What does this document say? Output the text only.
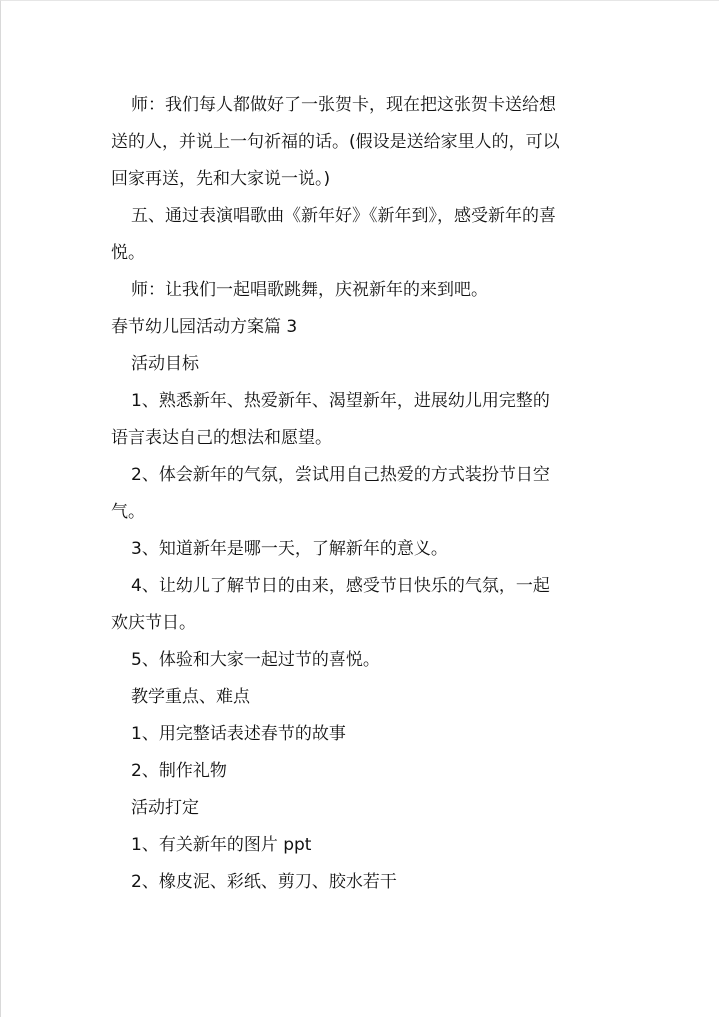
师：我们每人都做好了一张贺卡，现在把这张贺卡送给想
送的人，并说上一句祈福的话。(假设是送给家里人的，可以
回家再送，先和大家说一说。)
五、通过表演唱歌曲《新年好》《新年到》，感受新年的喜
悦。
师：让我们一起唱歌跳舞，庆祝新年的来到吧。
春节幼儿园活动方案篇 3
活动目标
1、熟悉新年、热爱新年、渴望新年，进展幼儿用完整的
语言表达自己的想法和愿望。
2、体会新年的气氛，尝试用自己热爱的方式装扮节日空
气。
3、知道新年是哪一天，了解新年的意义。
4、让幼儿了解节日的由来，感受节日快乐的气氛，一起
欢庆节日。
5、体验和大家一起过节的喜悦。
教学重点、难点
1、用完整话表述春节的故事
2、制作礼物
活动打定
1、有关新年的图片 ppt
2、橡皮泥、彩纸、剪刀、胶水若干
